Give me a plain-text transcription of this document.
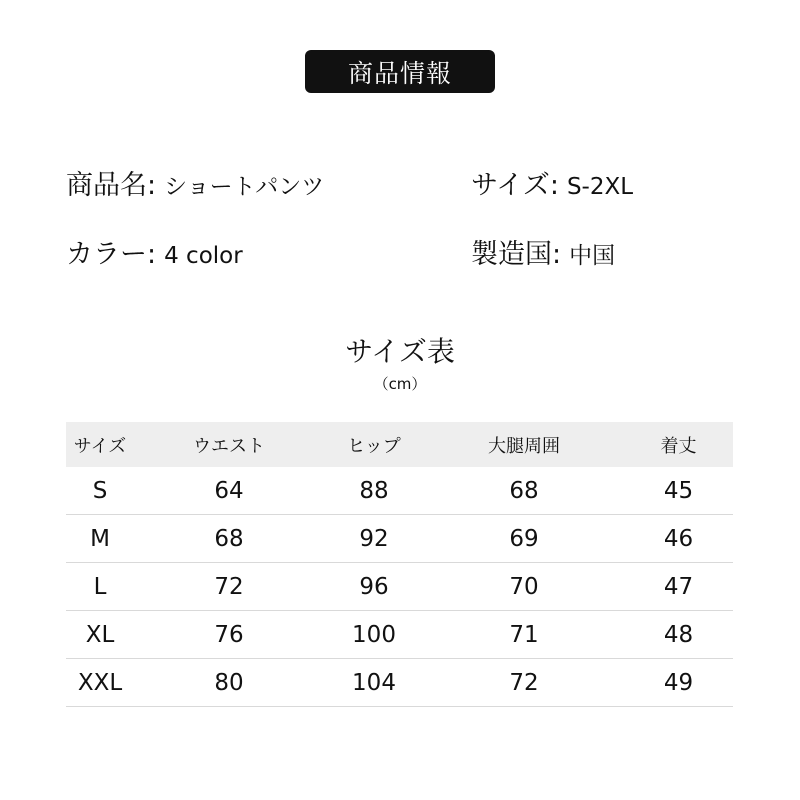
商品情報
商品名: ショートパンツ	サイズ: S-2XL
カラー: 4 color	製造国: 中国
サイズ表
（cm）
サイズ	ウエスト	ヒップ	大腿周囲	着丈
S	64	88	68	45
M	68	92	69	46
L	72	96	70	47
XL	76	100	71	48
XXL	80	104	72	49
